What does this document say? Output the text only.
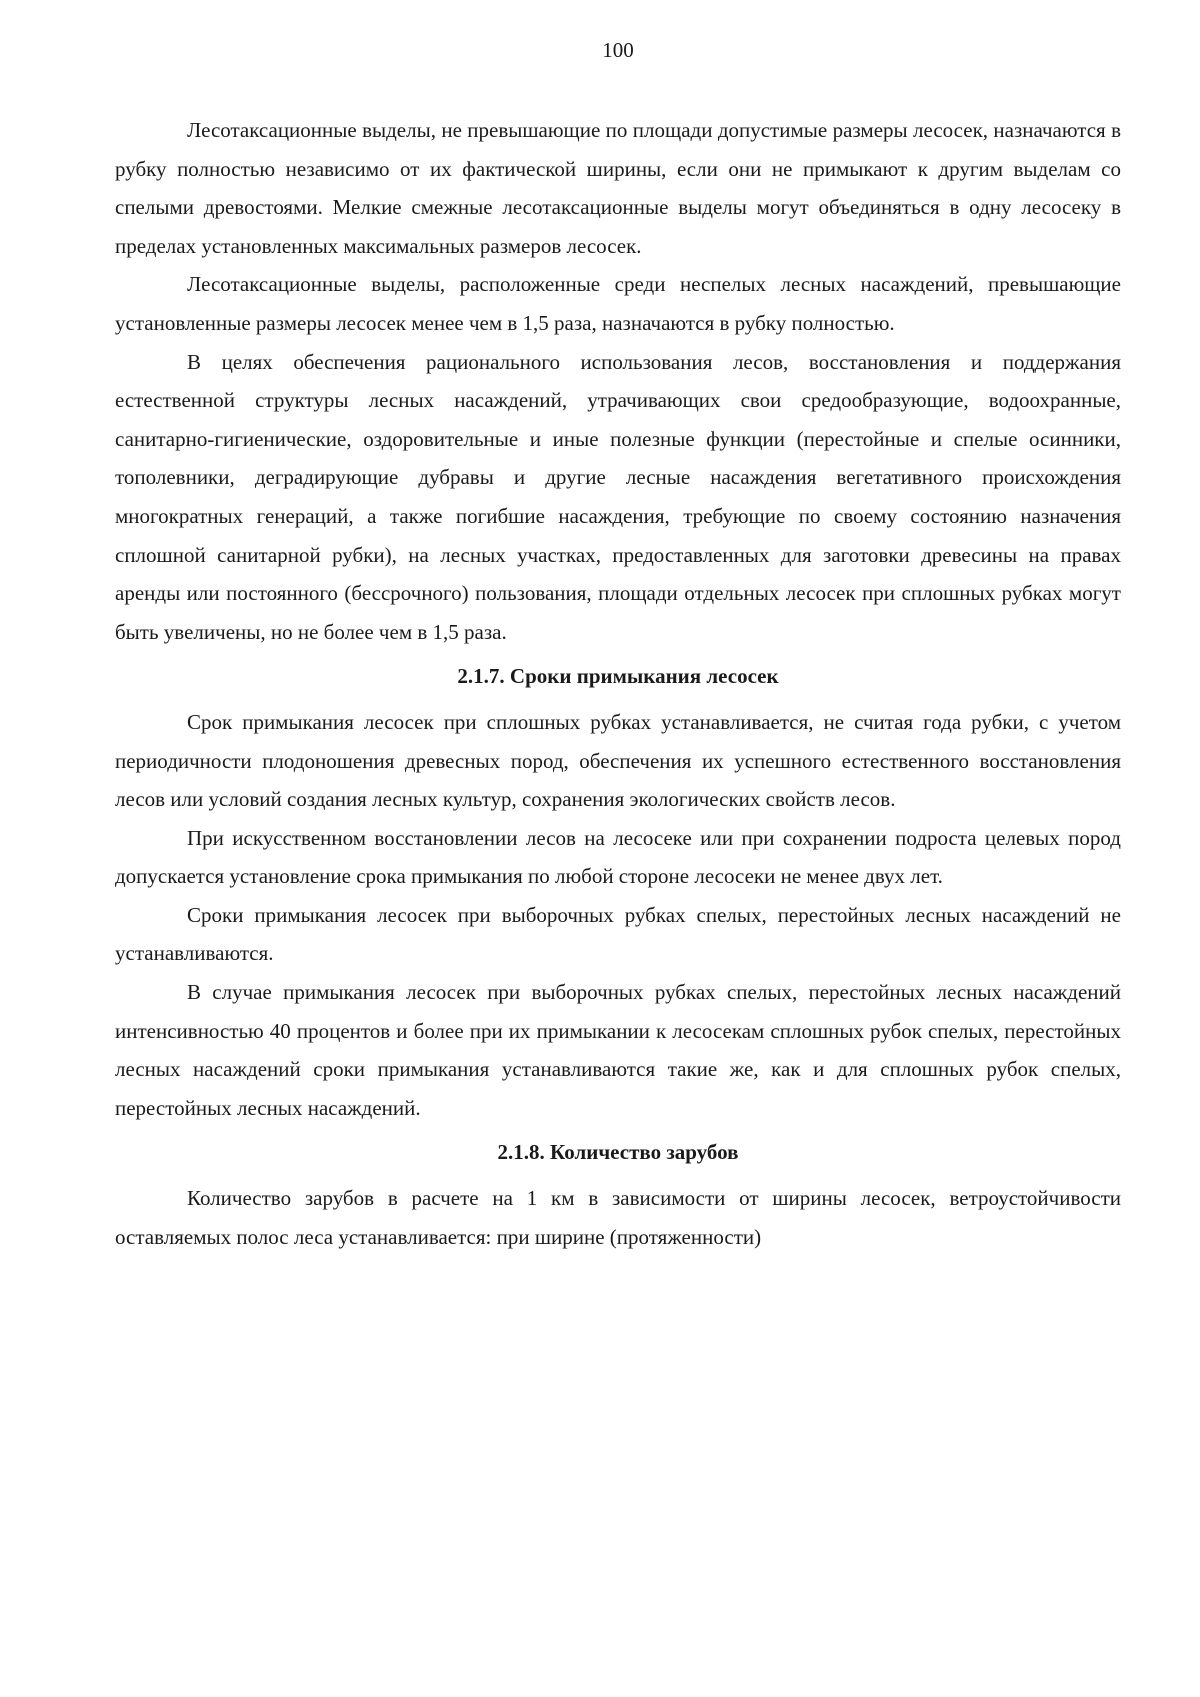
100

Лесотаксационные выделы, не превышающие по площади допустимые размеры лесосек, назначаются в рубку полностью независимо от их фактической ширины, если они не примыкают к другим выделам со спелыми древостоями. Мелкие смежные лесотаксационные выделы могут объединяться в одну лесосеку в пределах установленных максимальных размеров лесосек.

Лесотаксационные выделы, расположенные среди неспелых лесных насаждений, превышающие установленные размеры лесосек менее чем в 1,5 раза, назначаются в рубку полностью.

В целях обеспечения рационального использования лесов, восстановления и поддержания естественной структуры лесных насаждений, утрачивающих свои средообразующие, водоохранные, санитарно-гигиенические, оздоровительные и иные полезные функции (перестойные и спелые осинники, тополевники, деградирующие дубравы и другие лесные насаждения вегетативного происхождения многократных генераций, а также погибшие насаждения, требующие по своему состоянию назначения сплошной санитарной рубки), на лесных участках, предоставленных для заготовки древесины на правах аренды или постоянного (бессрочного) пользования, площади отдельных лесосек при сплошных рубках могут быть увеличены, но не более чем в 1,5 раза.

2.1.7. Сроки примыкания лесосек

Срок примыкания лесосек при сплошных рубках устанавливается, не считая года рубки, с учетом периодичности плодоношения древесных пород, обеспечения их успешного естественного восстановления лесов или условий создания лесных культур, сохранения экологических свойств лесов.

При искусственном восстановлении лесов на лесосеке или при сохранении подроста целевых пород допускается установление срока примыкания по любой стороне лесосеки не менее двух лет.

Сроки примыкания лесосек при выборочных рубках спелых, перестойных лесных насаждений не устанавливаются.

В случае примыкания лесосек при выборочных рубках спелых, перестойных лесных насаждений интенсивностью 40 процентов и более при их примыкании к лесосекам сплошных рубок спелых, перестойных лесных насаждений сроки примыкания устанавливаются такие же, как и для сплошных рубок спелых, перестойных лесных насаждений.

2.1.8. Количество зарубов

Количество зарубов в расчете на 1 км в зависимости от ширины лесосек, ветроустойчивости оставляемых полос леса устанавливается: при ширине (протяженности)
